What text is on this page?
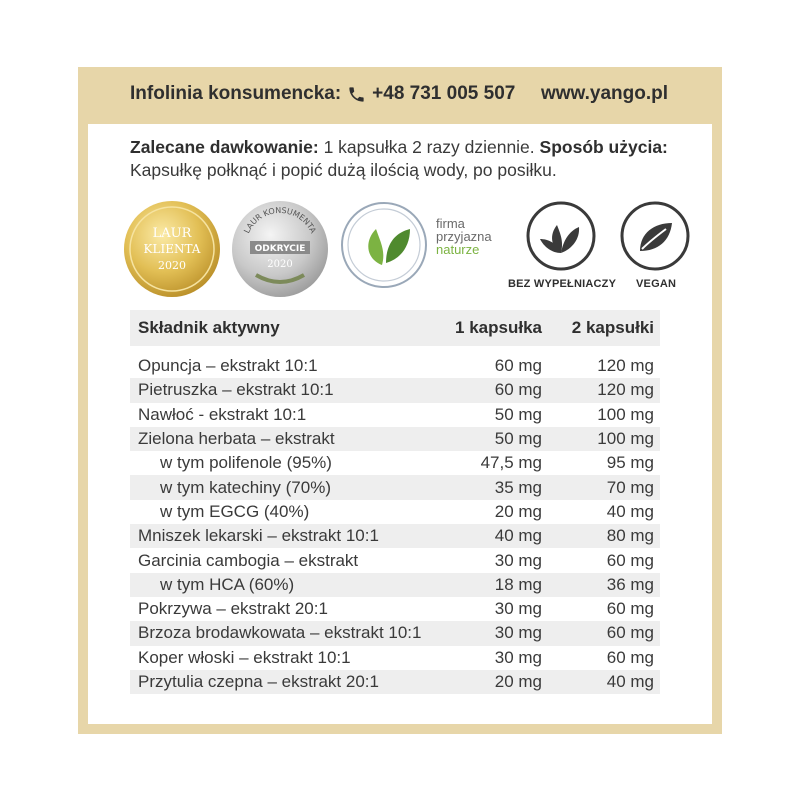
Infolinia konsumencka: +48 731 005 507 www.yango.pl
Zalecane dawkowanie: 1 kapsułka 2 razy dziennie. Sposób użycia: Kapsułkę połknąć i popić dużą ilością wody, po posiłku.
LAUR
KLIENTA
2020
LAUR KONSUMENTA
ODKRYCIE
2020
firma
przyjazna
naturze
BEZ WYPEŁNIACZY VEGAN
Składnik aktywny	1 kapsułka	2 kapsułki

Opuncja – ekstrakt 10:1	60 mg	120 mg
Pietruszka – ekstrakt 10:1	60 mg	120 mg
Nawłoć - ekstrakt 10:1	50 mg	100 mg
Zielona herbata – ekstrakt	50 mg	100 mg
w tym polifenole (95%)	47,5 mg	95 mg
w tym katechiny (70%)	35 mg	70 mg
w tym EGCG (40%)	20 mg	40 mg
Mniszek lekarski – ekstrakt 10:1	40 mg	80 mg
Garcinia cambogia – ekstrakt	30 mg	60 mg
w tym HCA (60%)	18 mg	36 mg
Pokrzywa – ekstrakt 20:1	30 mg	60 mg
Brzoza brodawkowata – ekstrakt 10:1	30 mg	60 mg
Koper włoski – ekstrakt 10:1	30 mg	60 mg
Przytulia czepna – ekstrakt 20:1	20 mg	40 mg
